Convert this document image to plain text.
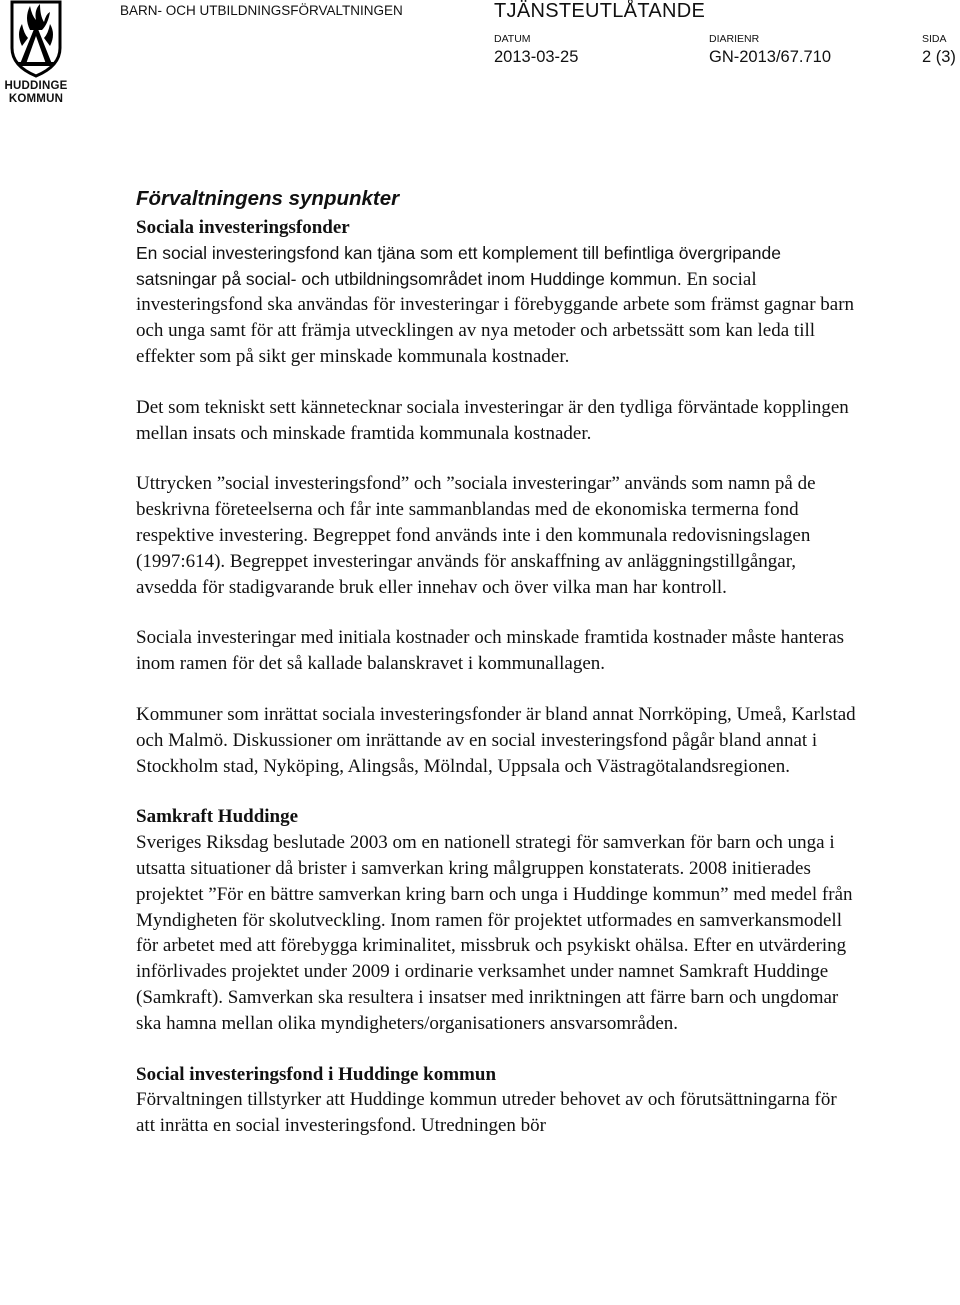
HUDDINGE
KOMMUN
BARN- OCH UTBILDNINGSFÖRVALTNINGEN	TJÄNSTEUTLÅTANDE
DATUM
2013-03-25
DIARIENR
GN-2013/67.710
SIDA
2 (3)
Förvaltningens synpunkter
Sociala investeringsfonder

En social investeringsfond kan tjäna som ett komplement till befintliga övergripande satsningar på social- och utbildningsområdet inom Huddinge kommun. En social investeringsfond ska användas för investeringar i förebyggande arbete som främst gagnar barn och unga samt för att främja utvecklingen av nya metoder och arbetssätt som kan leda till effekter som på sikt ger minskade kommunala kostnader.

Det som tekniskt sett kännetecknar sociala investeringar är den tydliga förväntade kopplingen mellan insats och minskade framtida kommunala kostnader.

Uttrycken ”social investeringsfond” och ”sociala investeringar” används som namn på de beskrivna företeelserna och får inte sammanblandas med de ekonomiska termerna fond respektive investering. Begreppet fond används inte i den kommunala redovisningslagen (1997:614). Begreppet investeringar används för anskaffning av anläggningstillgångar, avsedda för stadigvarande bruk eller innehav och över vilka man har kontroll.

Sociala investeringar med initiala kostnader och minskade framtida kostnader måste hanteras inom ramen för det så kallade balanskravet i kommunallagen.

Kommuner som inrättat sociala investeringsfonder är bland annat Norrköping, Umeå, Karlstad och Malmö. Diskussioner om inrättande av en social investeringsfond pågår bland annat i Stockholm stad, Nyköping, Alingsås, Mölndal, Uppsala och Västragötalandsregionen.

Samkraft Huddinge

Sveriges Riksdag beslutade 2003 om en nationell strategi för samverkan för barn och unga i utsatta situationer då brister i samverkan kring målgruppen konstaterats. 2008 initierades projektet ”För en bättre samverkan kring barn och unga i Huddinge kommun” med medel från Myndigheten för skolutveckling. Inom ramen för projektet utformades en samverkansmodell för arbetet med att förebygga kriminalitet, missbruk och psykiskt ohälsa. Efter en utvärdering införlivades projektet under 2009 i ordinarie verksamhet under namnet Samkraft Huddinge (Samkraft). Samverkan ska resultera i insatser med inriktningen att färre barn och ungdomar ska hamna mellan olika myndigheters/organisationers ansvarsområden.

Social investeringsfond i Huddinge kommun

Förvaltningen tillstyrker att Huddinge kommun utreder behovet av och förutsättningarna för att inrätta en social investeringsfond. Utredningen bör
